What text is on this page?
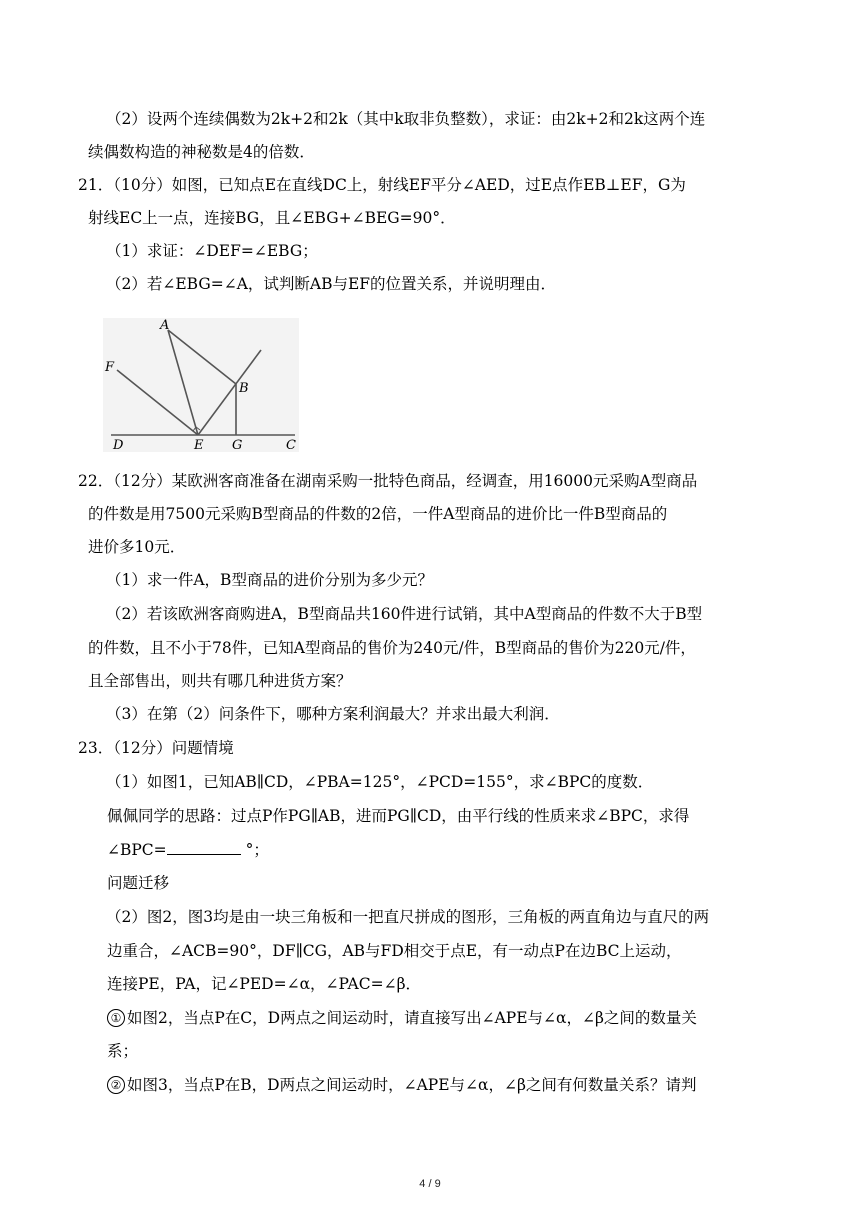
（2）设两个连续偶数为2k+2和2k（其中k取非负整数），求证：由2k+2和2k这两个连
续偶数构造的神秘数是4的倍数．
21．（10分）如图，已知点E在直线DC上，射线EF平分∠AED，过E点作EB⊥EF，G为
射线EC上一点，连接BG，且∠EBG+∠BEG=90°．
（1）求证：∠DEF=∠EBG；
（2）若∠EBG=∠A，试判断AB与EF的位置关系，并说明理由．
A
F
B
D	E G	C
22．（12分）某欧洲客商准备在湖南采购一批特色商品，经调查，用16000元采购A型商品
的件数是用7500元采购B型商品的件数的2倍，一件A型商品的进价比一件B型商品的
进价多10元．
（1）求一件A，B型商品的进价分别为多少元？
（2）若该欧洲客商购进A，B型商品共160件进行试销，其中A型商品的件数不大于B型
的件数，且不小于78件，已知A型商品的售价为240元/件，B型商品的售价为220元/件，
且全部售出，则共有哪几种进货方案？
（3）在第（2）问条件下，哪种方案利润最大？并求出最大利润．
23．（12分）问题情境
（1）如图1，已知AB∥CD，∠PBA=125°，∠PCD=155°，求∠BPC的度数．
佩佩同学的思路：过点P作PG∥AB，进而PG∥CD，由平行线的性质来求∠BPC，求得
∠BPC=	°；
问题迁移
（2）图2，图3均是由一块三角板和一把直尺拼成的图形，三角板的两直角边与直尺的两
边重合，∠ACB=90°，DF∥CG，AB与FD相交于点E，有一动点P在边BC上运动，
连接PE，PA，记∠PED=∠α，∠PAC=∠β．
① 如图2，当点P在C，D两点之间运动时，请直接写出∠APE与∠α，∠β之间的数量关
系；
② 如图3，当点P在B，D两点之间运动时，∠APE与∠α，∠β之间有何数量关系？请判
4 / 9
